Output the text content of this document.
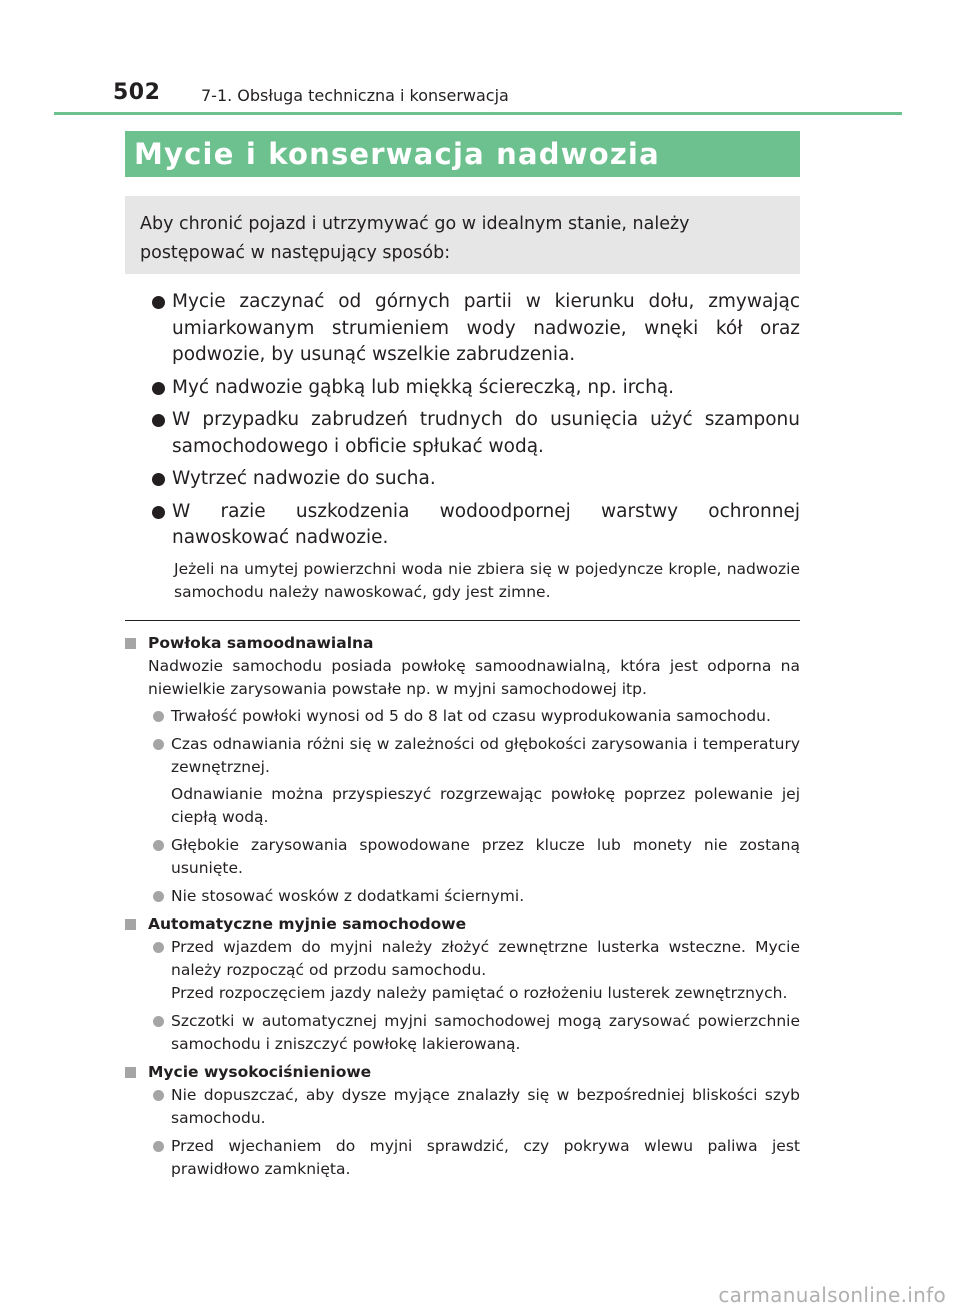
502	7-1. Obsługa techniczna i konserwacja
Mycie i konserwacja nadwozia
Aby chronić pojazd i utrzymywać go w idealnym stanie, należy postępować w następujący sposób:
Mycie zaczynać od górnych partii w kierunku dołu, zmywając umiarkowanym strumieniem wody nadwozie, wnęki kół oraz podwozie, by usunąć wszelkie zabrudzenia.
Myć nadwozie gąbką lub miękką ściereczką, np. irchą.
W przypadku zabrudzeń trudnych do usunięcia użyć szamponu samochodowego i obficie spłukać wodą.
Wytrzeć nadwozie do sucha.
W razie uszkodzenia wodoodpornej warstwy ochronnej nawoskować nadwozie.
Jeżeli na umytej powierzchni woda nie zbiera się w pojedyncze krople, nadwozie samochodu należy nawoskować, gdy jest zimne.
Powłoka samoodnawialna
Nadwozie samochodu posiada powłokę samoodnawialną, która jest odporna na niewielkie zarysowania powstałe np. w myjni samochodowej itp.
Trwałość powłoki wynosi od 5 do 8 lat od czasu wyprodukowania samochodu.
Czas odnawiania różni się w zależności od głębokości zarysowania i temperatury zewnętrznej.
Odnawianie można przyspieszyć rozgrzewając powłokę poprzez polewanie jej ciepłą wodą.
Głębokie zarysowania spowodowane przez klucze lub monety nie zostaną usunięte.
Nie stosować wosków z dodatkami ściernymi.
Automatyczne myjnie samochodowe
Przed wjazdem do myjni należy złożyć zewnętrzne lusterka wsteczne. Mycie należy rozpocząć od przodu samochodu.
Przed rozpoczęciem jazdy należy pamiętać o rozłożeniu lusterek zewnętrznych.
Szczotki w automatycznej myjni samochodowej mogą zarysować powierzchnie samochodu i zniszczyć powłokę lakierowaną.
Mycie wysokociśnieniowe
Nie dopuszczać, aby dysze myjące znalazły się w bezpośredniej bliskości szyb samochodu.
Przed wjechaniem do myjni sprawdzić, czy pokrywa wlewu paliwa jest prawidłowo zamknięta.
carmanualsonline.info
